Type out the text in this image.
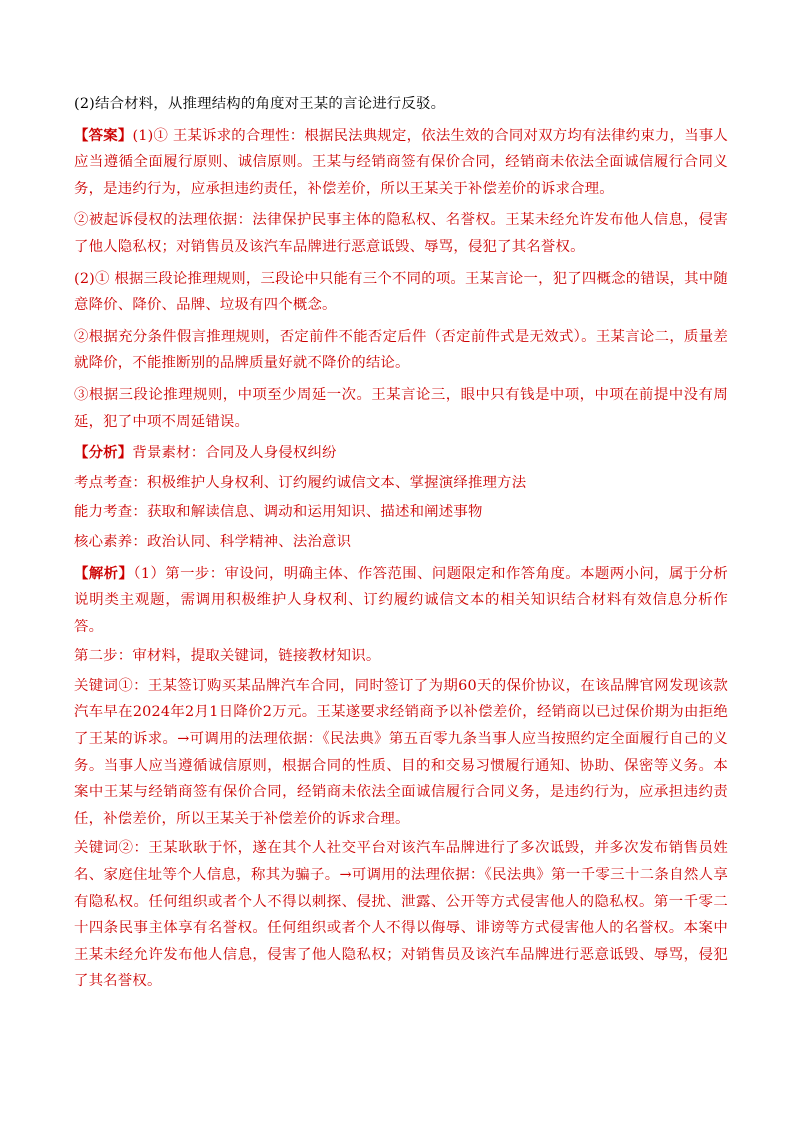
(2)结合材料，从推理结构的角度对王某的言论进行反驳。

【答案】(1)① 王某诉求的合理性：根据民法典规定，依法生效的合同对双方均有法律约束力，当事人应当遵循全面履行原则、诚信原则。王某与经销商签有保价合同，经销商未依法全面诚信履行合同义务，是违约行为，应承担违约责任，补偿差价，所以王某关于补偿差价的诉求合理。

②被起诉侵权的法理依据：法律保护民事主体的隐私权、名誉权。王某未经允许发布他人信息，侵害了他人隐私权；对销售员及该汽车品牌进行恶意诋毁、辱骂，侵犯了其名誉权。

(2)① 根据三段论推理规则，三段论中只能有三个不同的项。王某言论一，犯了四概念的错误，其中随意降价、降价、品牌、垃圾有四个概念。

②根据充分条件假言推理规则，否定前件不能否定后件（否定前件式是无效式）。王某言论二，质量差就降价，不能推断别的品牌质量好就不降价的结论。

③根据三段论推理规则，中项至少周延一次。王某言论三，眼中只有钱是中项，中项在前提中没有周延，犯了中项不周延错误。

【分析】背景素材：合同及人身侵权纠纷

考点考查：积极维护人身权利、订约履约诚信文本、掌握演绎推理方法

能力考查：获取和解读信息、调动和运用知识、描述和阐述事物

核心素养：政治认同、科学精神、法治意识

【解析】（1）第一步：审设问，明确主体、作答范围、问题限定和作答角度。本题两小问，属于分析说明类主观题，需调用积极维护人身权利、订约履约诚信文本的相关知识结合材料有效信息分析作答。

第二步：审材料，提取关键词，链接教材知识。

关键词①：王某签订购买某品牌汽车合同，同时签订了为期60天的保价协议，在该品牌官网发现该款汽车早在2024年2月1日降价2万元。王某遂要求经销商予以补偿差价，经销商以已过保价期为由拒绝了王某的诉求。→可调用的法理依据：《民法典》第五百零九条当事人应当按照约定全面履行自己的义务。当事人应当遵循诚信原则，根据合同的性质、目的和交易习惯履行通知、协助、保密等义务。本案中王某与经销商签有保价合同，经销商未依法全面诚信履行合同义务，是违约行为，应承担违约责任，补偿差价，所以王某关于补偿差价的诉求合理。

关键词②：王某耿耿于怀，遂在其个人社交平台对该汽车品牌进行了多次诋毁，并多次发布销售员姓名、家庭住址等个人信息，称其为骗子。→可调用的法理依据：《民法典》第一千零三十二条自然人享有隐私权。任何组织或者个人不得以刺探、侵扰、泄露、公开等方式侵害他人的隐私权。第一千零二十四条民事主体享有名誉权。任何组织或者个人不得以侮辱、诽谤等方式侵害他人的名誉权。本案中王某未经允许发布他人信息，侵害了他人隐私权；对销售员及该汽车品牌进行恶意诋毁、辱骂，侵犯了其名誉权。
